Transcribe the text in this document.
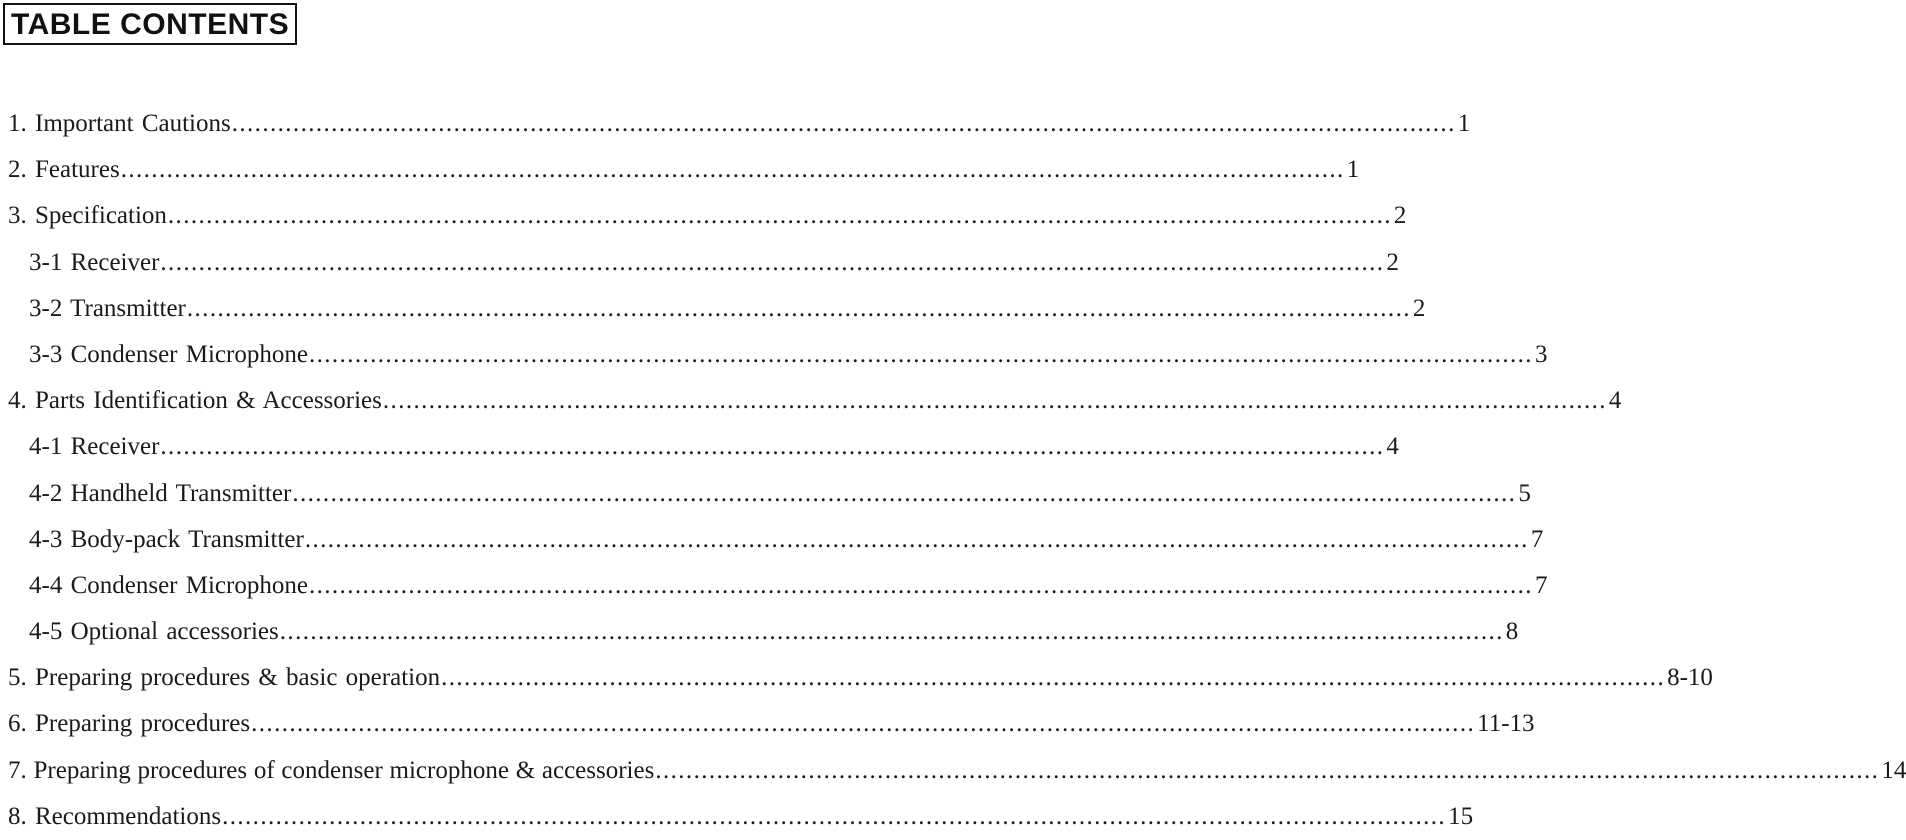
TABLE CONTENTS
1. Important Cautions ................................................................................................................................................................ 1
2. Features ................................................................................................................................................................ 1
3. Specification ................................................................................................................................................................ 2
3-1 Receiver ................................................................................................................................................................ 2
3-2 Transmitter ................................................................................................................................................................ 2
3-3 Condenser Microphone ................................................................................................................................................................ 3
4. Parts Identification & Accessories ................................................................................................................................................................ 4
4-1 Receiver ................................................................................................................................................................ 4
4-2 Handheld Transmitter ................................................................................................................................................................ 5
4-3 Body-pack Transmitter ................................................................................................................................................................ 7
4-4 Condenser Microphone ................................................................................................................................................................ 7
4-5 Optional accessories ................................................................................................................................................................ 8
5. Preparing procedures & basic operation ................................................................................................................................................................ 8-10
6. Preparing procedures ................................................................................................................................................................ 11-13
7. Preparing procedures of condenser microphone & accessories ................................................................................................................................................................ 14
8. Recommendations ................................................................................................................................................................ 15
